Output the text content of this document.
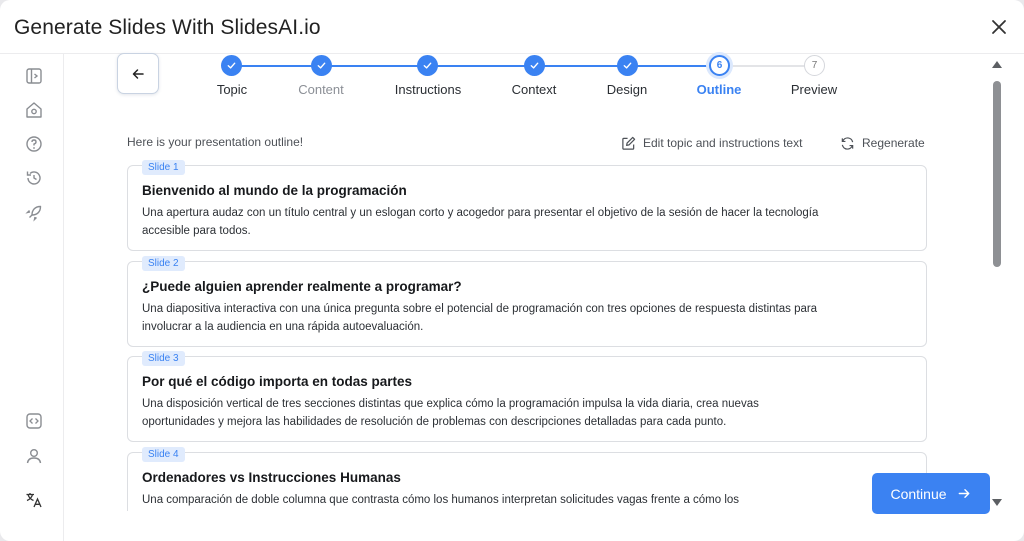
Generate Slides With SlidesAI.io
Topic	Content	Instructions	Context	Design
6
Outline
7
Preview
Here is your presentation outline!	Edit topic and instructions text	Regenerate
Slide 1
Bienvenido al mundo de la programación
Una apertura audaz con un título central y un eslogan corto y acogedor para presentar el objetivo de la sesión de hacer la tecnología accesible para todos.
Slide 2
¿Puede alguien aprender realmente a programar?
Una diapositiva interactiva con una única pregunta sobre el potencial de programación con tres opciones de respuesta distintas para involucrar a la audiencia en una rápida autoevaluación.
Slide 3
Por qué el código importa en todas partes
Una disposición vertical de tres secciones distintas que explica cómo la programación impulsa la vida diaria, crea nuevas oportunidades y mejora las habilidades de resolución de problemas con descripciones detalladas para cada punto.
Slide 4
Ordenadores vs Instrucciones Humanas
Una comparación de doble columna que contrasta cómo los humanos interpretan solicitudes vagas frente a cómo los	Continue
